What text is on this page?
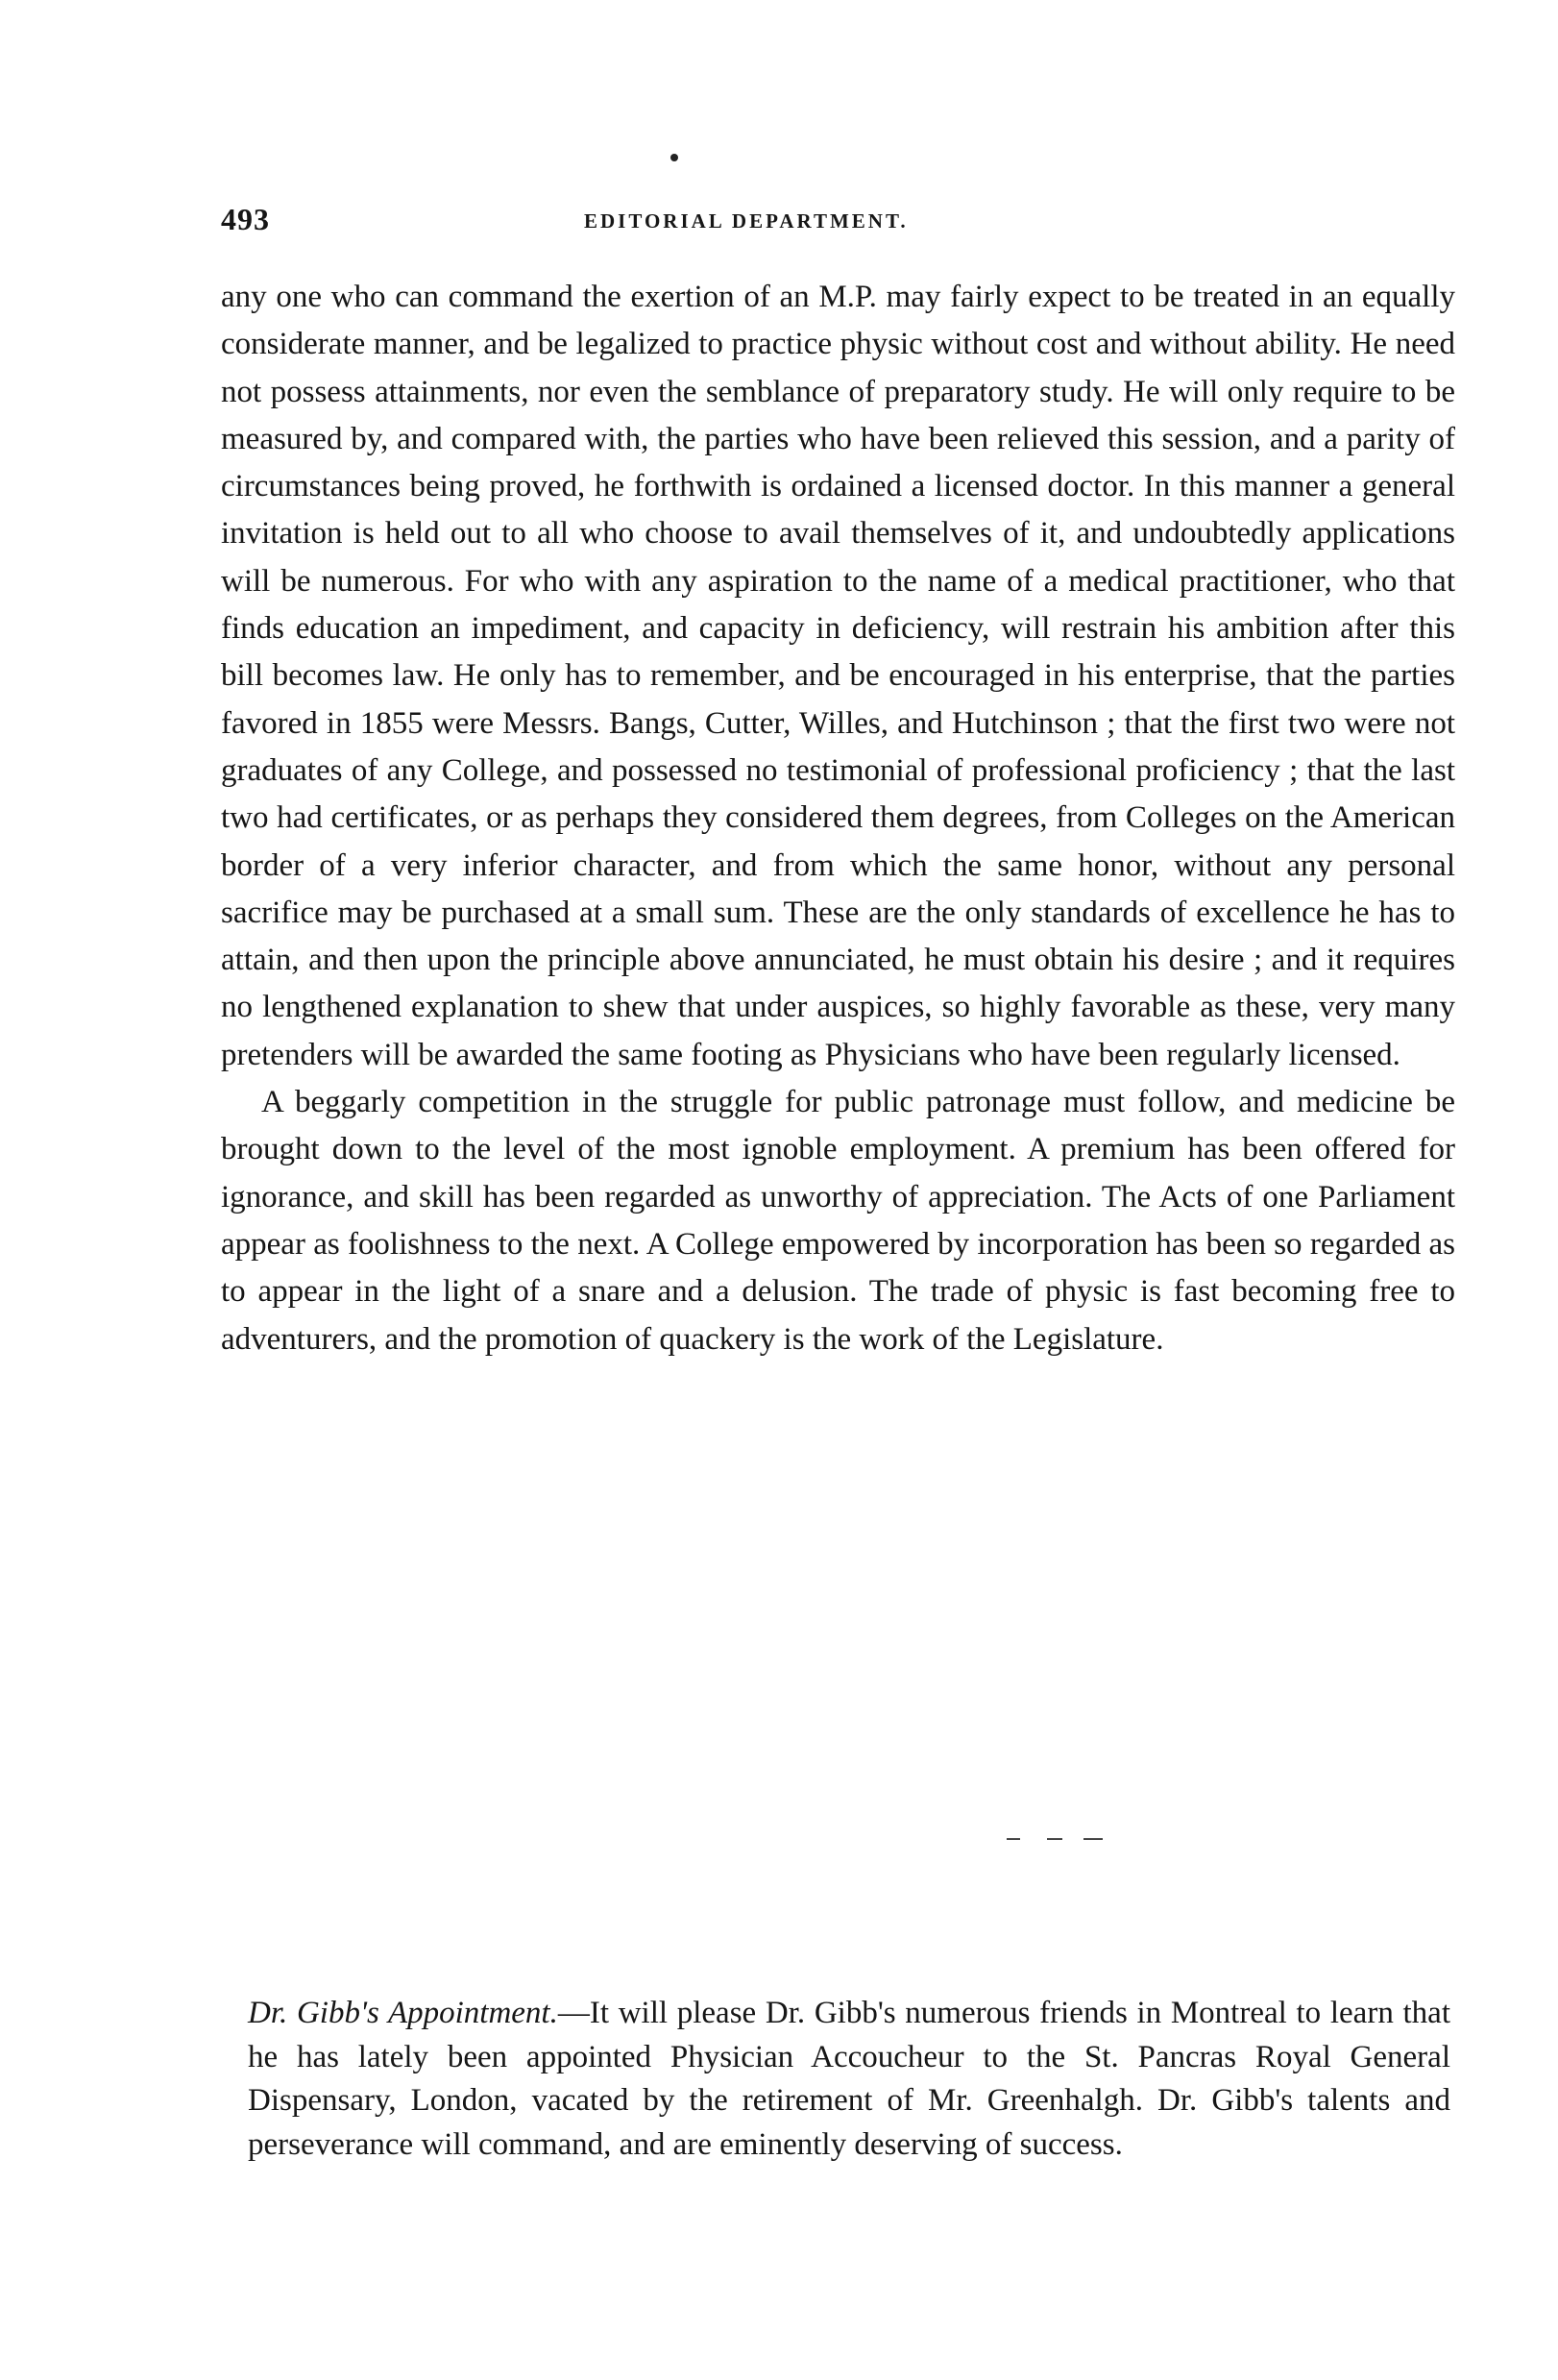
493	EDITORIAL DEPARTMENT.

any one who can command the exertion of an M.P. may fairly expect to be treated in an equally considerate manner, and be legalized to practice physic without cost and without ability. He need not possess attainments, nor even the semblance of preparatory study. He will only require to be measured by, and compared with, the parties who have been relieved this session, and a parity of circumstances being proved, he forthwith is ordained a licensed doctor. In this manner a general invitation is held out to all who choose to avail themselves of it, and undoubtedly applications will be numerous. For who with any aspiration to the name of a medical practitioner, who that finds education an impediment, and capacity in deficiency, will restrain his ambition after this bill becomes law. He only has to remember, and be encouraged in his enterprise, that the parties favored in 1855 were Messrs. Bangs, Cutter, Willes, and Hutchinson ; that the first two were not graduates of any College, and possessed no testimonial of professional proficiency ; that the last two had certificates, or as perhaps they considered them degrees, from Colleges on the American border of a very inferior character, and from which the same honor, without any personal sacrifice may be purchased at a small sum. These are the only standards of excellence he has to attain, and then upon the principle above annunciated, he must obtain his desire ; and it requires no lengthened explanation to shew that under auspices, so highly favorable as these, very many pretenders will be awarded the same footing as Physicians who have been regularly licensed.

A beggarly competition in the struggle for public patronage must follow, and medicine be brought down to the level of the most ignoble employment. A premium has been offered for ignorance, and skill has been regarded as unworthy of appreciation. The Acts of one Parliament appear as foolishness to the next. A College empowered by incorporation has been so regarded as to appear in the light of a snare and a delusion. The trade of physic is fast becoming free to adventurers, and the promotion of quackery is the work of the Legislature.

Dr. Gibb's Appointment.—It will please Dr. Gibb's numerous friends in Montreal to learn that he has lately been appointed Physician Accoucheur to the St. Pancras Royal General Dispensary, London, vacated by the retirement of Mr. Greenhalgh. Dr. Gibb's talents and perseverance will command, and are eminently deserving of success.
